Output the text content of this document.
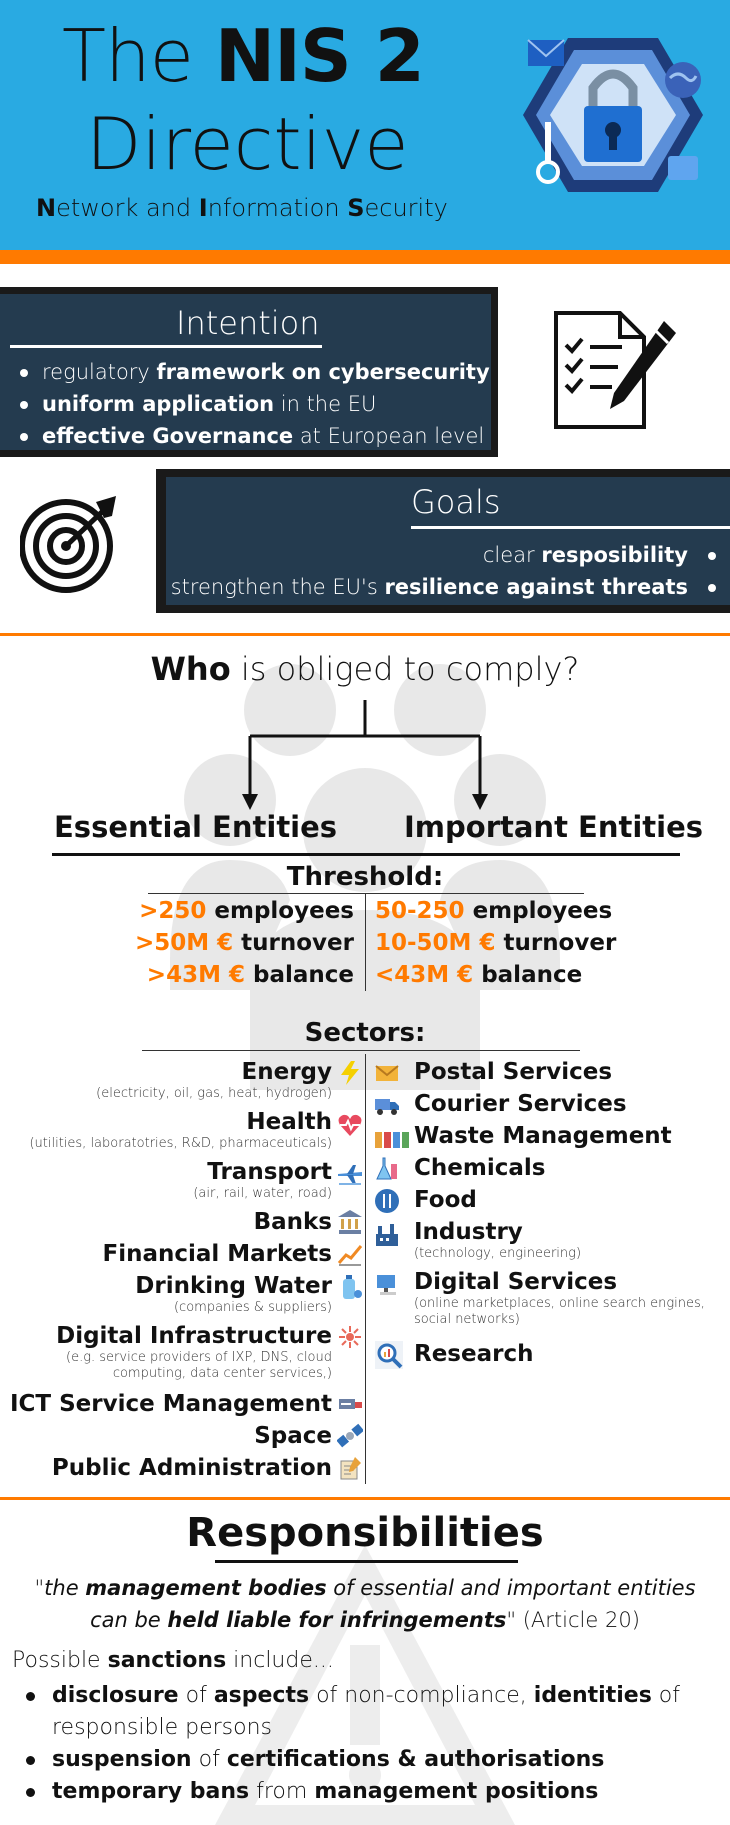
The NIS 2
Directive
Network and Information Security
Intention
regulatory framework on cybersecurity
uniform application in the EU
effective Governance at European level
Goals
clear resposibility
strengthen the EU's resilience against threats
Who is obliged to comply?
Essential Entities Important Entities
Threshold:
>250 employees
>50M € turnover
>43M € balance
50-250 employees
10-50M € turnover
<43M € balance
Sectors:
Energy
(electricity, oil, gas, heat, hydrogen)
Health
(utilities, laboratotries, R&D, pharmaceuticals)
Transport
(air, rail, water, road)
Banks
Financial Markets
Drinking Water
(companies & suppliers)
Digital Infrastructure
(e.g. service providers of IXP, DNS, cloud computing, data center services,)
ICT Service Management
Space
Public Administration
Postal Services
Courier Services
Waste Management
Chemicals
Food
Industry
(technology, engineering)
Digital Services
(online marketplaces, online search engines, social networks)
Research
Responsibilities
"the management bodies of essential and important entities can be held liable for infringements" (Article 20)
Possible sanctions include...
disclosure of aspects of non-compliance, identities of responsible persons
suspension of certifications & authorisations
temporary bans from management positions
